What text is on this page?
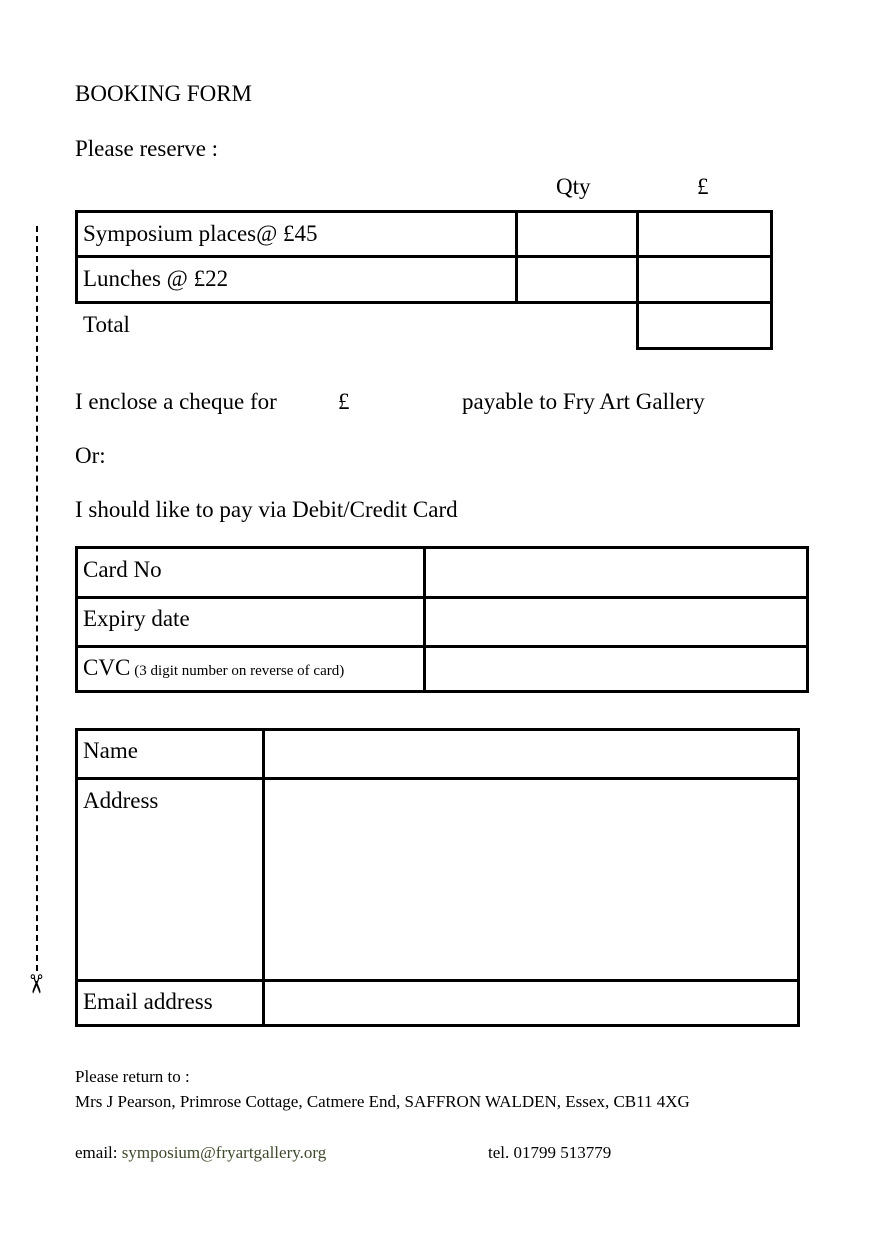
BOOKING FORM
Please reserve :
Qty	£
✂
Symposium places@ £45
Lunches @ £22
Total
I enclose a cheque for	£	payable to Fry Art Gallery
Or:
I should like to pay via Debit/Credit Card
Card No
Expiry date
CVC (3 digit number on reverse of card)
Name
Address
Email address
Please return to :
Mrs J Pearson, Primrose Cottage, Catmere End, SAFFRON WALDEN, Essex, CB11 4XG
email: symposium@fryartgallery.org	tel. 01799 513779
